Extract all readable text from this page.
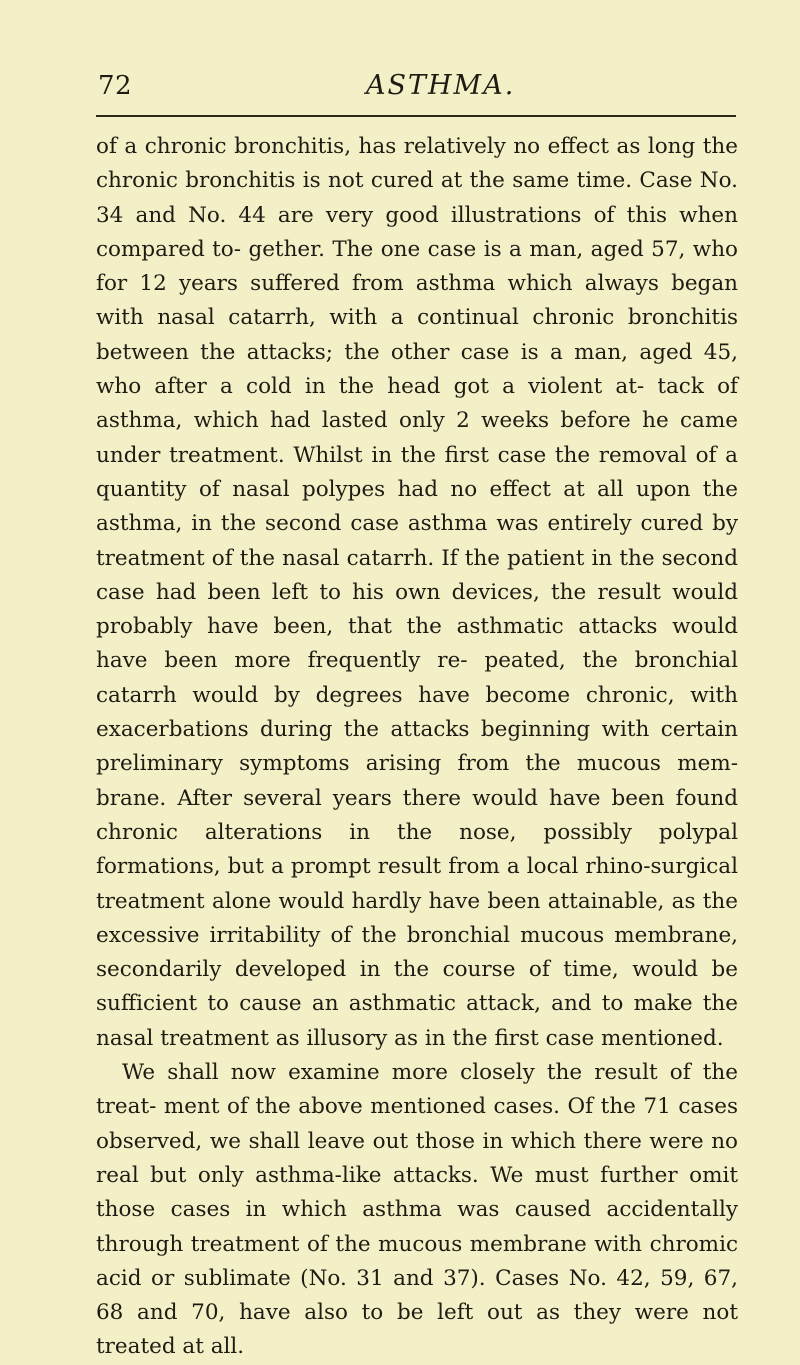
72	ASTHMA.

of a chronic bronchitis, has relatively no effect as long the chronic bronchitis is not cured at the same time. Case No. 34 and No. 44 are very good illustrations of this when compared to- gether. The one case is a man, aged 57, who for 12 years suffered from asthma which always began with nasal catarrh, with a continual chronic bronchitis between the attacks; the other case is a man, aged 45, who after a cold in the head got a violent at- tack of asthma, which had lasted only 2 weeks before he came under treatment. Whilst in the first case the removal of a quantity of nasal polypes had no effect at all upon the asthma, in the second case asthma was entirely cured by treatment of the nasal catarrh. If the patient in the second case had been left to his own devices, the result would probably have been, that the asthmatic attacks would have been more frequently re- peated, the bronchial catarrh would by degrees have become chronic, with exacerbations during the attacks beginning with certain preliminary symptoms arising from the mucous mem- brane. After several years there would have been found chronic alterations in the nose, possibly polypal formations, but a prompt result from a local rhino-surgical treatment alone would hardly have been attainable, as the excessive irritability of the bronchial mucous membrane, secondarily developed in the course of time, would be sufficient to cause an asthmatic attack, and to make the nasal treatment as illusory as in the first case mentioned.

We shall now examine more closely the result of the treat- ment of the above mentioned cases. Of the 71 cases observed, we shall leave out those in which there were no real but only asthma-like attacks. We must further omit those cases in which asthma was caused accidentally through treatment of the mucous membrane with chromic acid or sublimate (No. 31 and 37). Cases No. 42, 59, 67, 68 and 70, have also to be left out as they were not treated at all.
